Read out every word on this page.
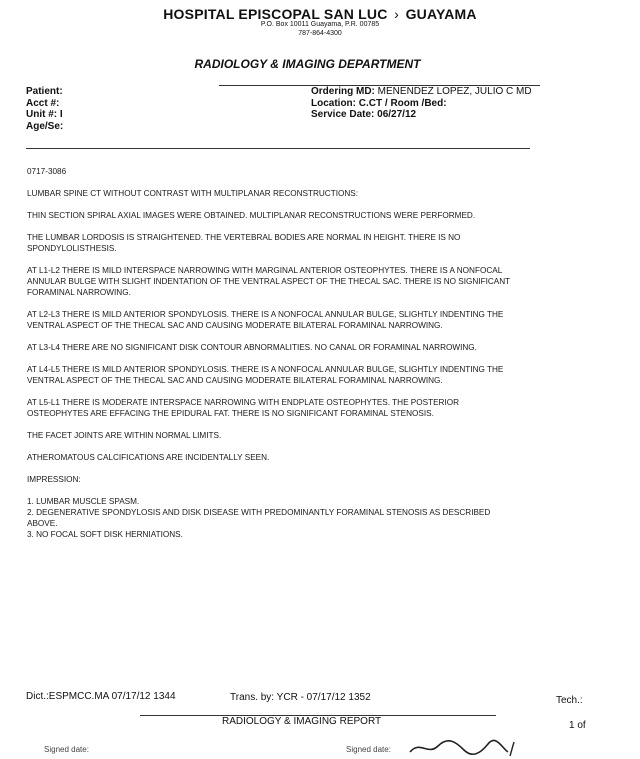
HOSPITAL EPISCOPAL SAN LUC › GUAYAMA
P.O. Box 10011 Guayama, P.R. 00785
787-864-4300
RADIOLOGY & IMAGING DEPARTMENT
Patient:
Acct #:
Unit #: I
Age/Se:
Ordering MD: MENENDEZ LOPEZ, JULIO C MD
Location: C.CT / Room /Bed:
Service Date: 06/27/12

0717-3086

LUMBAR SPINE CT WITHOUT CONTRAST WITH MULTIPLANAR RECONSTRUCTIONS:

THIN SECTION SPIRAL AXIAL IMAGES WERE OBTAINED. MULTIPLANAR RECONSTRUCTIONS WERE PERFORMED.

THE LUMBAR LORDOSIS IS STRAIGHTENED. THE VERTEBRAL BODIES ARE NORMAL IN HEIGHT. THERE IS NO SPONDYLOLISTHESIS.

AT L1-L2 THERE IS MILD INTERSPACE NARROWING WITH MARGINAL ANTERIOR OSTEOPHYTES. THERE IS A NONFOCAL ANNULAR BULGE WITH SLIGHT INDENTATION OF THE VENTRAL ASPECT OF THE THECAL SAC. THERE IS NO SIGNIFICANT FORAMINAL NARROWING.

AT L2-L3 THERE IS MILD ANTERIOR SPONDYLOSIS. THERE IS A NONFOCAL ANNULAR BULGE, SLIGHTLY INDENTING THE VENTRAL ASPECT OF THE THECAL SAC AND CAUSING MODERATE BILATERAL FORAMINAL NARROWING.

AT L3-L4 THERE ARE NO SIGNIFICANT DISK CONTOUR ABNORMALITIES. NO CANAL OR FORAMINAL NARROWING.

AT L4-L5 THERE IS MILD ANTERIOR SPONDYLOSIS. THERE IS A NONFOCAL ANNULAR BULGE, SLIGHTLY INDENTING THE VENTRAL ASPECT OF THE THECAL SAC AND CAUSING MODERATE BILATERAL FORAMINAL NARROWING.

AT L5-L1 THERE IS MODERATE INTERSPACE NARROWING WITH ENDPLATE OSTEOPHYTES. THE POSTERIOR OSTEOPHYTES ARE EFFACING THE EPIDURAL FAT. THERE IS NO SIGNIFICANT FORAMINAL STENOSIS.

THE FACET JOINTS ARE WITHIN NORMAL LIMITS.

ATHEROMATOUS CALCIFICATIONS ARE INCIDENTALLY SEEN.

IMPRESSION:

1. LUMBAR MUSCLE SPASM.

2. DEGENERATIVE SPONDYLOSIS AND DISK DISEASE WITH PREDOMINANTLY FORAMINAL STENOSIS AS DESCRIBED ABOVE.

3. NO FOCAL SOFT DISK HERNIATIONS.

Dict.:ESPMCC.MA 07/17/12 1344	Trans. by: YCR - 07/17/12 1352	Tech.:
RADIOLOGY & IMAGING REPORT	1 of
Signed date:	Signed date:
